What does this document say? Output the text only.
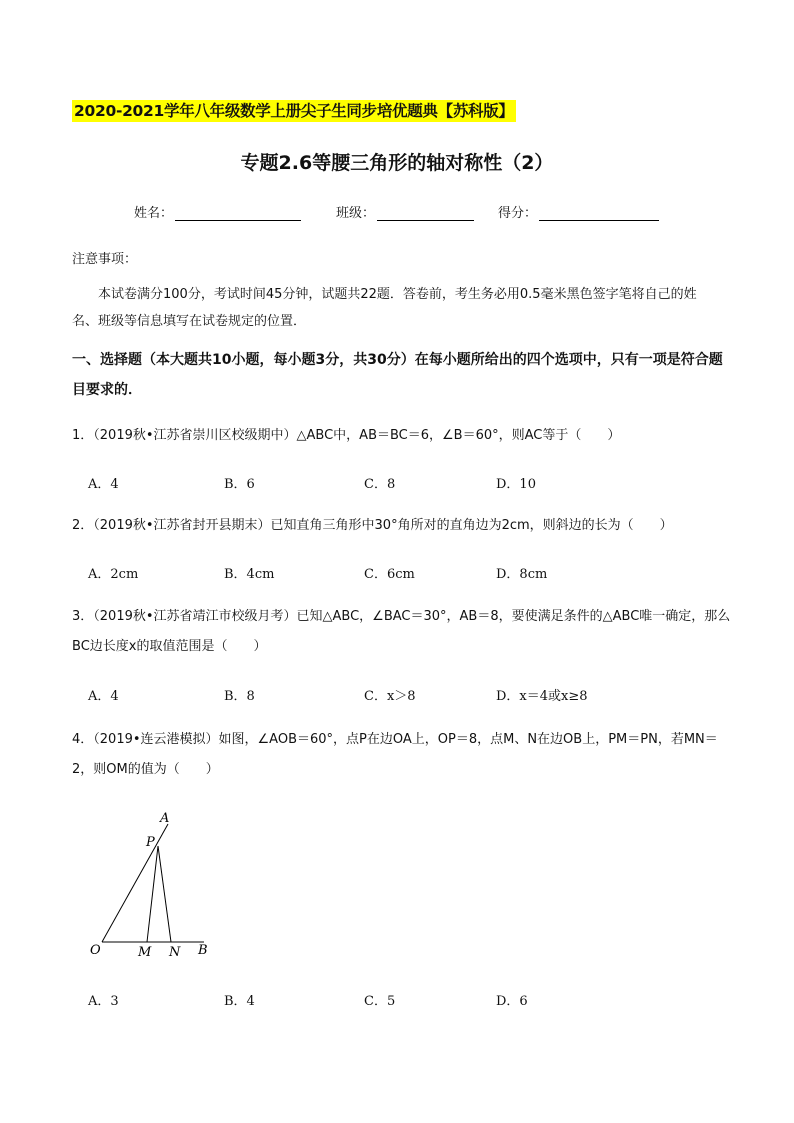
2020-2021学年八年级数学上册尖子生同步培优题典【苏科版】
专题2.6等腰三角形的轴对称性（2）
姓名：	班级：	得分：
注意事项：
本试卷满分100分，考试时间45分钟，试题共22题．答卷前，考生务必用0.5毫米黑色签字笔将自己的姓名、班级等信息填写在试卷规定的位置．
一、选择题（本大题共10小题，每小题3分，共30分）在每小题所给出的四个选项中，只有一项是符合题目要求的．
1．（2019秋•江苏省崇川区校级期中）△ABC中，AB＝BC＝6，∠B＝60°，则AC等于（　　）
A．4	B．6	C．8	D．10
2．（2019秋•江苏省封开县期末）已知直角三角形中30°角所对的直角边为2cm，则斜边的长为（　　）
A．2cm	B．4cm	C．6cm	D．8cm
3．（2019秋•江苏省靖江市校级月考）已知△ABC，∠BAC＝30°，AB＝8，要使满足条件的△ABC唯一确定，那么BC边长度x的取值范围是（　　）
A．4	B．8	C．x＞8	D．x＝4或x≥8
4．（2019•连云港模拟）如图，∠AOB＝60°，点P在边OA上，OP＝8，点M、N在边OB上，PM＝PN，若MN＝2，则OM的值为（　　）
A
P
O	M N B
A．3	B．4	C．5	D．6
